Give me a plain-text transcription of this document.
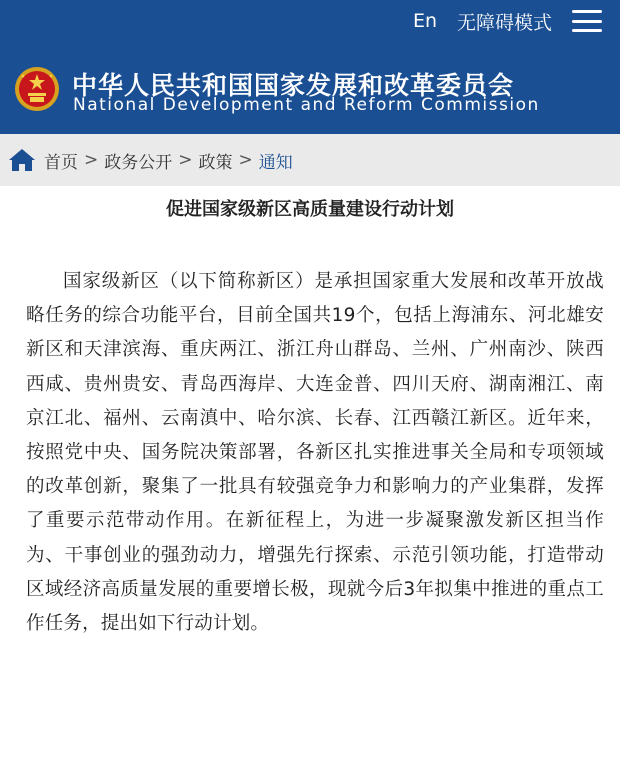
En 无障碍模式
中华人民共和国国家发展和改革委员会
National Development and Reform Commission
首页 > 政务公开 > 政策 > 通知
促进国家级新区高质量建设行动计划

国家级新区（以下简称新区）是承担国家重大发展和改革开放战略任务的综合功能平台，目前全国共19个，包括上海浦东、河北雄安新区和天津滨海、重庆两江、浙江舟山群岛、兰州、广州南沙、陕西西咸、贵州贵安、青岛西海岸、大连金普、四川天府、湖南湘江、南京江北、福州、云南滇中、哈尔滨、长春、江西赣江新区。近年来，按照党中央、国务院决策部署，各新区扎实推进事关全局和专项领域的改革创新，聚集了一批具有较强竞争力和影响力的产业集群，发挥了重要示范带动作用。在新征程上，为进一步凝聚激发新区担当作为、干事创业的强劲动力，增强先行探索、示范引领功能，打造带动区域经济高质量发展的重要增长极，现就今后3年拟集中推进的重点工作任务，提出如下行动计划。
